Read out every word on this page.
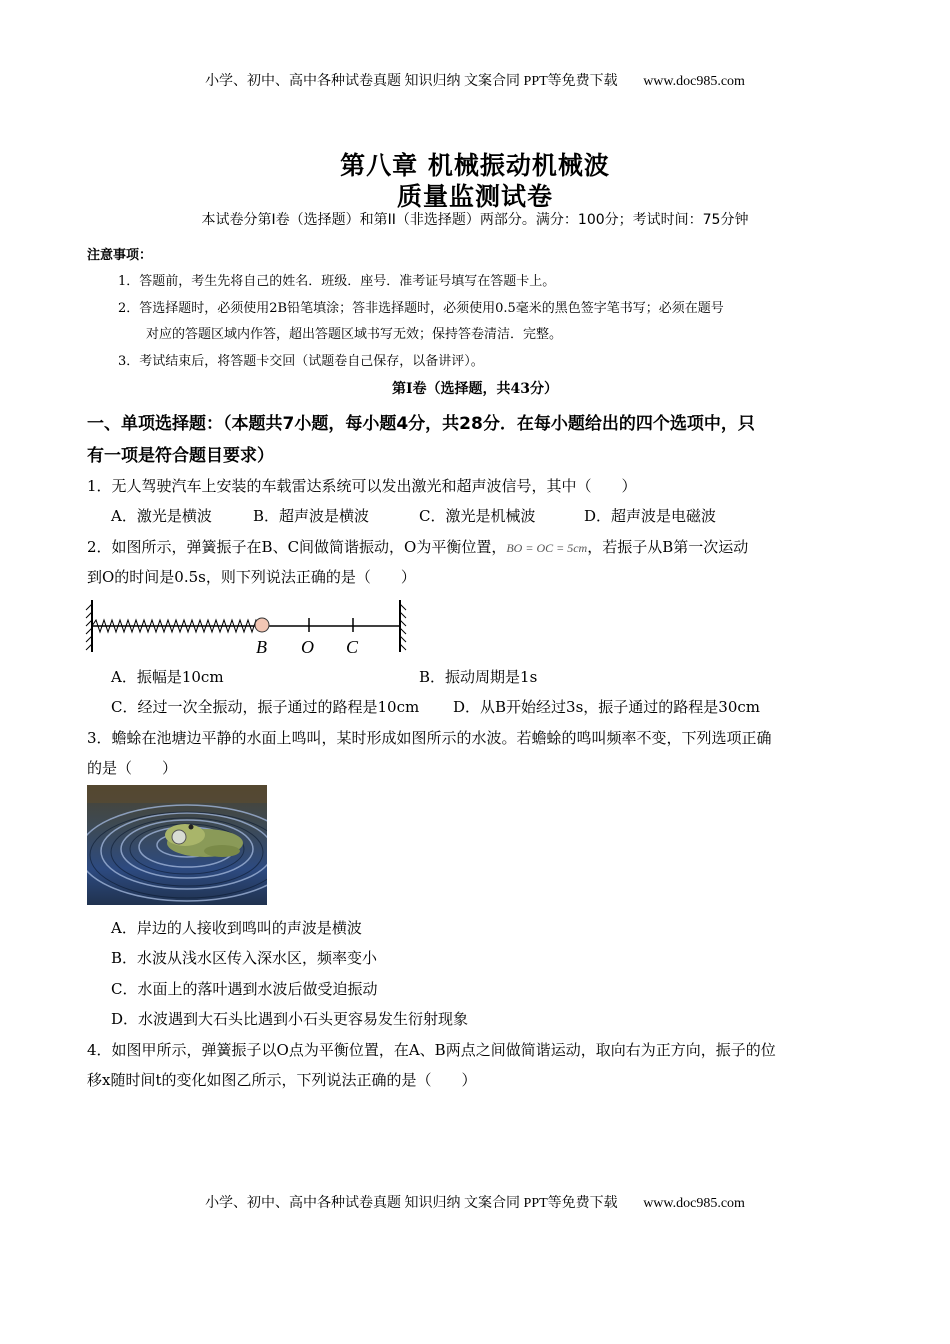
小学、初中、高中各种试卷真题 知识归纳 文案合同 PPT等免费下载 www.doc985.com
第八章 机械振动机械波
质量监测试卷
本试卷分第I卷（选择题）和第II（非选择题）两部分。满分：100分；考试时间：75分钟
注意事项：
1．答题前，考生先将自己的姓名．班级．座号．准考证号填写在答题卡上。
2．答选择题时，必须使用2B铅笔填涂；答非选择题时，必须使用0.5毫米的黑色签字笔书写；必须在题号
对应的答题区域内作答，超出答题区域书写无效；保持答卷清洁．完整。
3．考试结束后，将答题卡交回（试题卷自己保存，以备讲评）。
第Ⅰ卷（选择题，共43分）
一、单项选择题：（本题共7小题，每小题4分，共28分．在每小题给出的四个选项中，只
有一项是符合题目要求）
1．无人驾驶汽车上安装的车载雷达系统可以发出激光和超声波信号，其中（　　）
A．激光是横波	B．超声波是横波	C．激光是机械波	D．超声波是电磁波
2．如图所示，弹簧振子在B、C间做简谐振动，O为平衡位置，BO = OC = 5cm，若振子从B第一次运动
到O的时间是0.5s，则下列说法正确的是（　　）
B O C
A．振幅是10cm	B．振动周期是1s
C．经过一次全振动，振子通过的路程是10cm D．从B开始经过3s，振子通过的路程是30cm
3．蟾蜍在池塘边平静的水面上鸣叫，某时形成如图所示的水波。若蟾蜍的鸣叫频率不变，下列选项正确
的是（　　）
A．岸边的人接收到鸣叫的声波是横波
B．水波从浅水区传入深水区，频率变小
C．水面上的落叶遇到水波后做受迫振动
D．水波遇到大石头比遇到小石头更容易发生衍射现象
4．如图甲所示，弹簧振子以O点为平衡位置，在A、B两点之间做简谐运动，取向右为正方向，振子的位
移x随时间t的变化如图乙所示，下列说法正确的是（　　）
小学、初中、高中各种试卷真题 知识归纳 文案合同 PPT等免费下载 www.doc985.com
